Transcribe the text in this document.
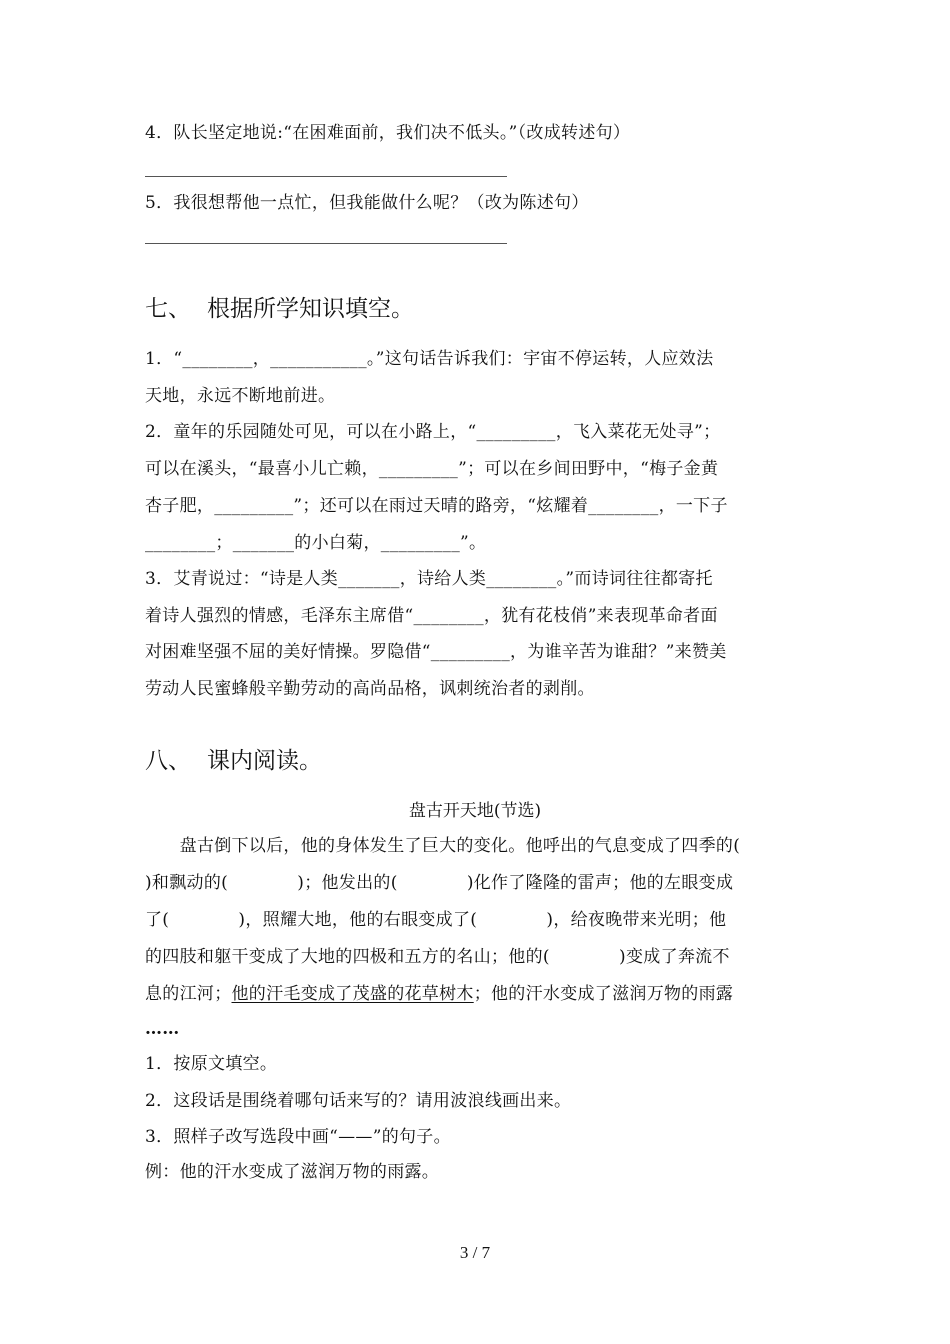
4．队长坚定地说:“在困难面前，我们决不低头。”（改成转述句）
5．我很想帮他一点忙，但我能做什么呢？（改为陈述句）
七、 根据所学知识填空。
1．“________，___________。”这句话告诉我们：宇宙不停运转，人应效法
天地，永远不断地前进。
2．童年的乐园随处可见，可以在小路上，“_________，飞入菜花无处寻”；
可以在溪头，“最喜小儿亡赖，_________”；可以在乡间田野中，“梅子金黄
杏子肥，_________”；还可以在雨过天晴的路旁，“炫耀着________，一下子
________；_______的小白菊，_________”。
3．艾青说过：“诗是人类_______，诗给人类________。”而诗词往往都寄托
着诗人强烈的情感，毛泽东主席借“________，犹有花枝俏”来表现革命者面
对困难坚强不屈的美好情操。罗隐借“_________，为谁辛苦为谁甜？”来赞美
劳动人民蜜蜂般辛勤劳动的高尚品格，讽刺统治者的剥削。
八、 课内阅读。
盘古开天地(节选)
　　盘古倒下以后，他的身体发生了巨大的变化。他呼出的气息变成了四季的(
)和飘动的(　　　　)；他发出的(　　　　)化作了隆隆的雷声；他的左眼变成
了(　　　　)，照耀大地，他的右眼变成了(　　　　)，给夜晚带来光明；他
的四肢和躯干变成了大地的四极和五方的名山；他的(　　　　)变成了奔流不
息的江河；他的汗毛变成了茂盛的花草树木；他的汗水变成了滋润万物的雨露
……
1．按原文填空。
2．这段话是围绕着哪句话来写的？请用波浪线画出来。
3．照样子改写选段中画“——”的句子。
例：他的汗水变成了滋润万物的雨露。
3 / 7
